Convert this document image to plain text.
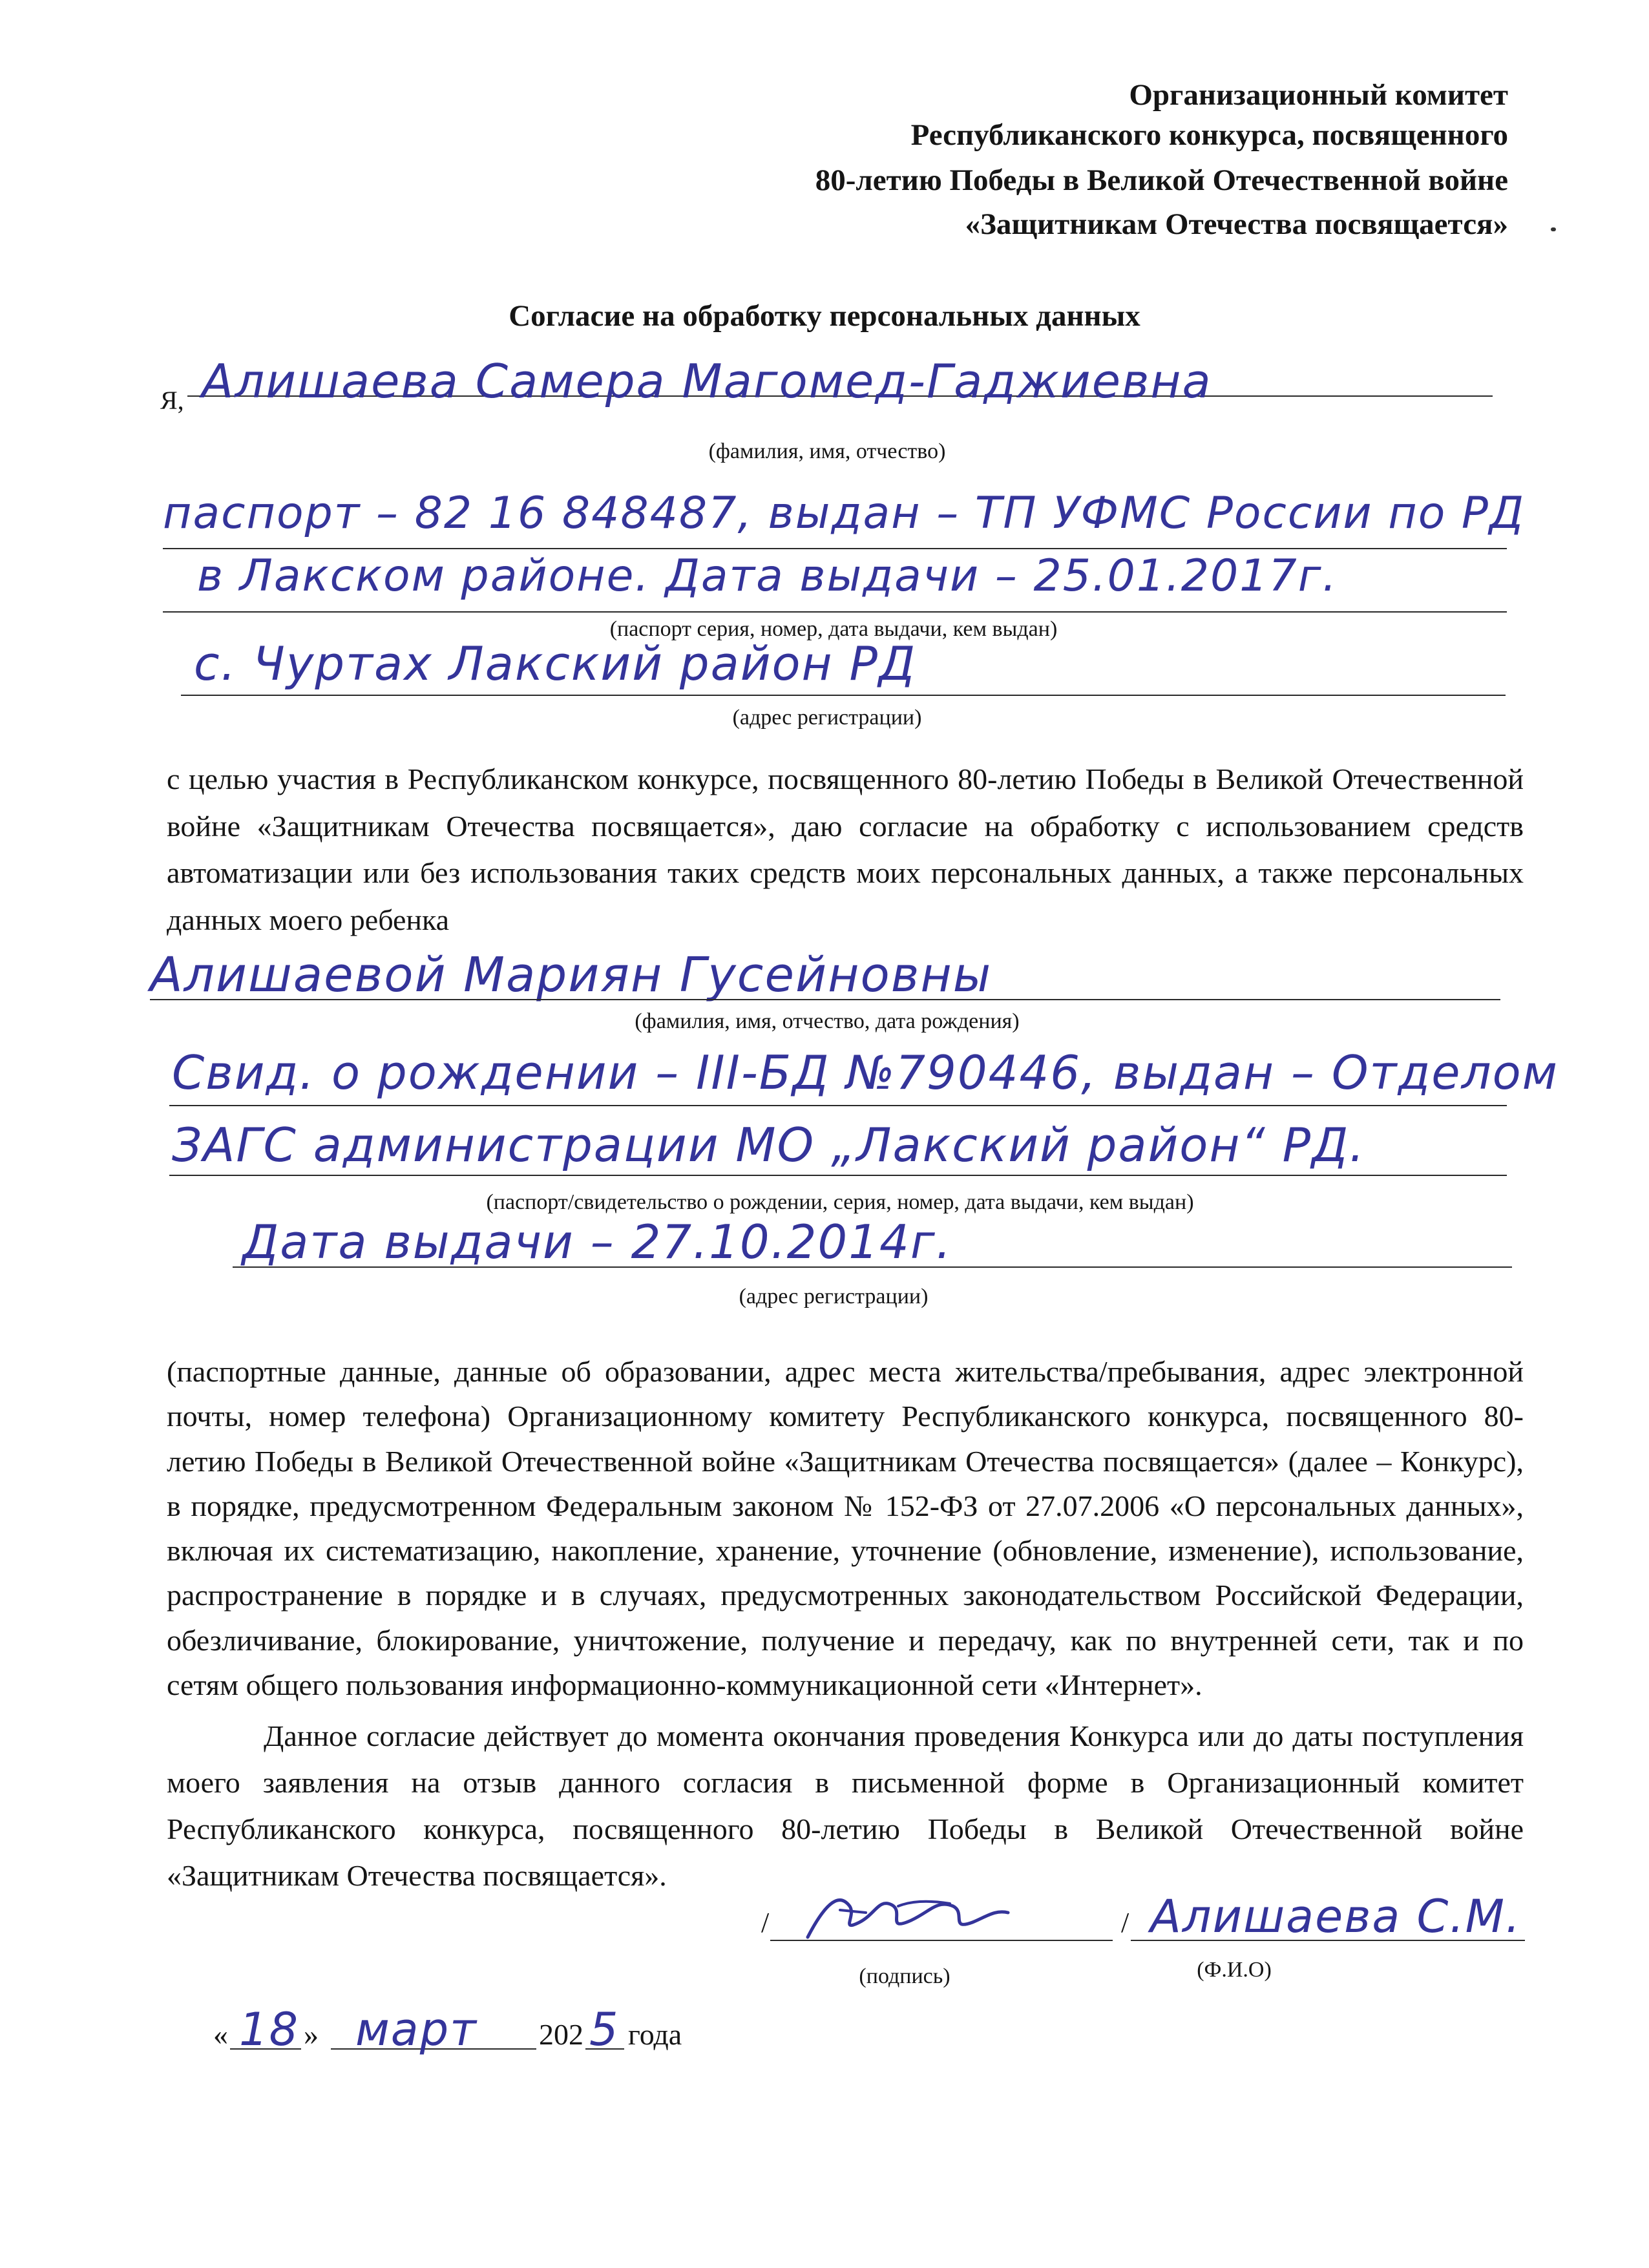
Организационный комитет
Республиканского конкурса, посвященного
80-летию Победы в Великой Отечественной войне
«Защитникам Отечества посвящается»
Согласие на обработку персональных данных
Я, Алишаева Самера Магомед-Гаджиевна
(фамилия, имя, отчество)
паспорт – 82 16 848487, выдан – ТП УФМС России по РД
в Лакском районе. Дата выдачи – 25.01.2017г.
(паспорт серия, номер, дата выдачи, кем выдан)
с. Чуртах Лакский район РД
(адрес регистрации)
с целью участия в Республиканском конкурсе, посвященного 80-летию Победы в Великой Отечественной войне «Защитникам Отечества посвящается», даю согласие на обработку с использованием средств автоматизации или без использования таких средств моих персональных данных, а также персональных данных моего ребенка
Алишаевой Мариян Гусейновны
(фамилия, имя, отчество, дата рождения)
Свид. о рождении – III-БД №790446, выдан – Отделом
ЗАГС администрации МО „Лакский район“ РД.
(паспорт/свидетельство о рождении, серия, номер, дата выдачи, кем выдан)
Дата выдачи – 27.10.2014г.
(адрес регистрации)
(паспортные данные, данные об образовании, адрес места жительства/пребывания, адрес электронной почты, номер телефона) Организационному комитету Республиканского конкурса, посвященного 80-летию Победы в Великой Отечественной войне «Защитникам Отечества посвящается» (далее – Конкурс), в порядке, предусмотренном Федеральным законом № 152-ФЗ от 27.07.2006 «О персональных данных», включая их систематизацию, накопление, хранение, уточнение (обновление, изменение), использование, распространение в порядке и в случаях, предусмотренных законодательством Российской Федерации, обезличивание, блокирование, уничтожение, получение и передачу, как по внутренней сети, так и по сетям общего пользования информационно-коммуникационной сети «Интернет».
Данное согласие действует до момента окончания проведения Конкурса или до даты поступления моего заявления на отзыв данного согласия в письменной форме в Организационный комитет Республиканского конкурса, посвященного 80-летию Победы в Великой Отечественной войне «Защитникам Отечества посвящается».
/	/ Алишаева С.М.
(подпись)	(Ф.И.О)
« 18 » март 202 5 года
